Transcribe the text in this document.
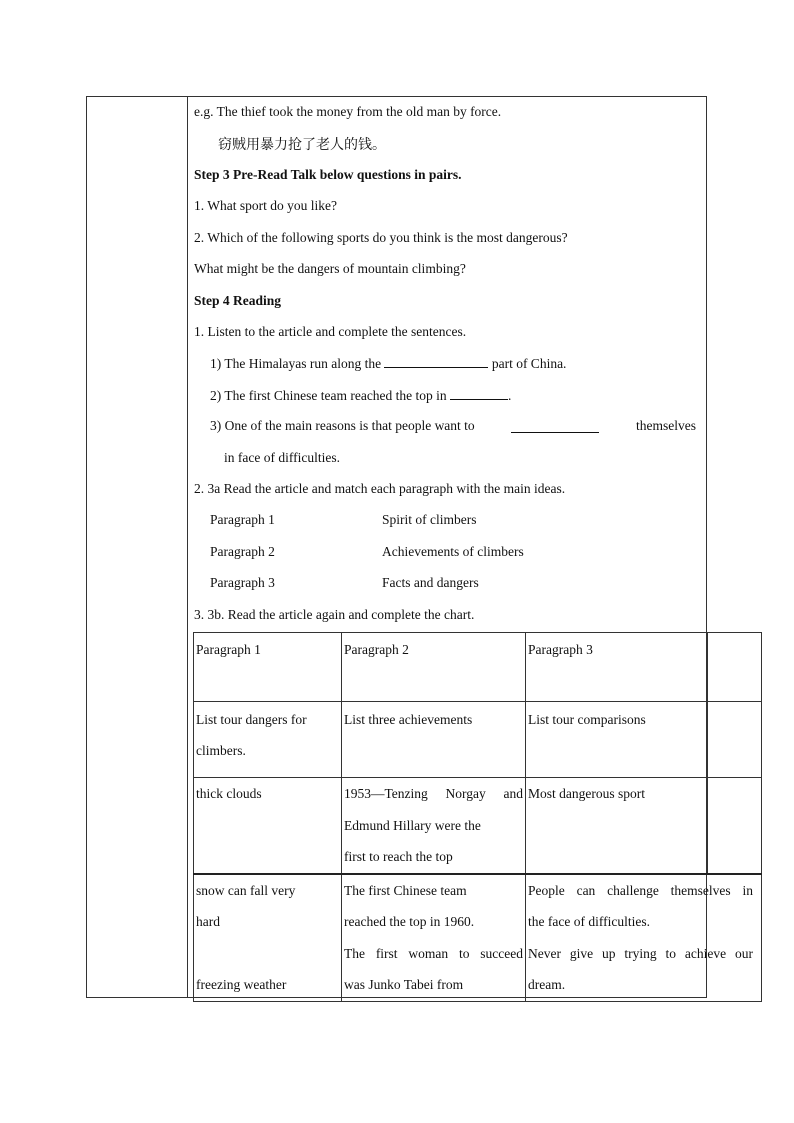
e.g. The thief took the money from the old man by force.
窃贼用暴力抢了老人的钱。
Step 3 Pre-Read Talk below questions in pairs.
1. What sport do you like?
2. Which of the following sports do you think is the most dangerous?
What might be the dangers of mountain climbing?
Step 4 Reading
1. Listen to the article and complete the sentences.
1) The Himalayas run along the	part of China.
2) The first Chinese team reached the top in	.
3) One of the main reasons is that people want to	themselves
in face of difficulties.
2. 3a Read the article and match each paragraph with the main ideas.
Paragraph 1	Spirit of climbers
Paragraph 2	Achievements of climbers
Paragraph 3	Facts and dangers
3. 3b. Read the article again and complete the chart.
Paragraph 1	Paragraph 2	Paragraph 3	
List tour dangers for climbers.	List three achievements	List tour comparisons	

thick clouds	1953—Tenzing Norgay and
Edmund Hillary were the
first to reach the top	Most dangerous sport	

snow can fall very
hard
freezing weather	The first Chinese team
reached the top in 1960.
The first woman to succeed
was Junko Tabei from	People can challenge themselves in
the face of difficulties.
Never give up trying to achieve our
dream.	
